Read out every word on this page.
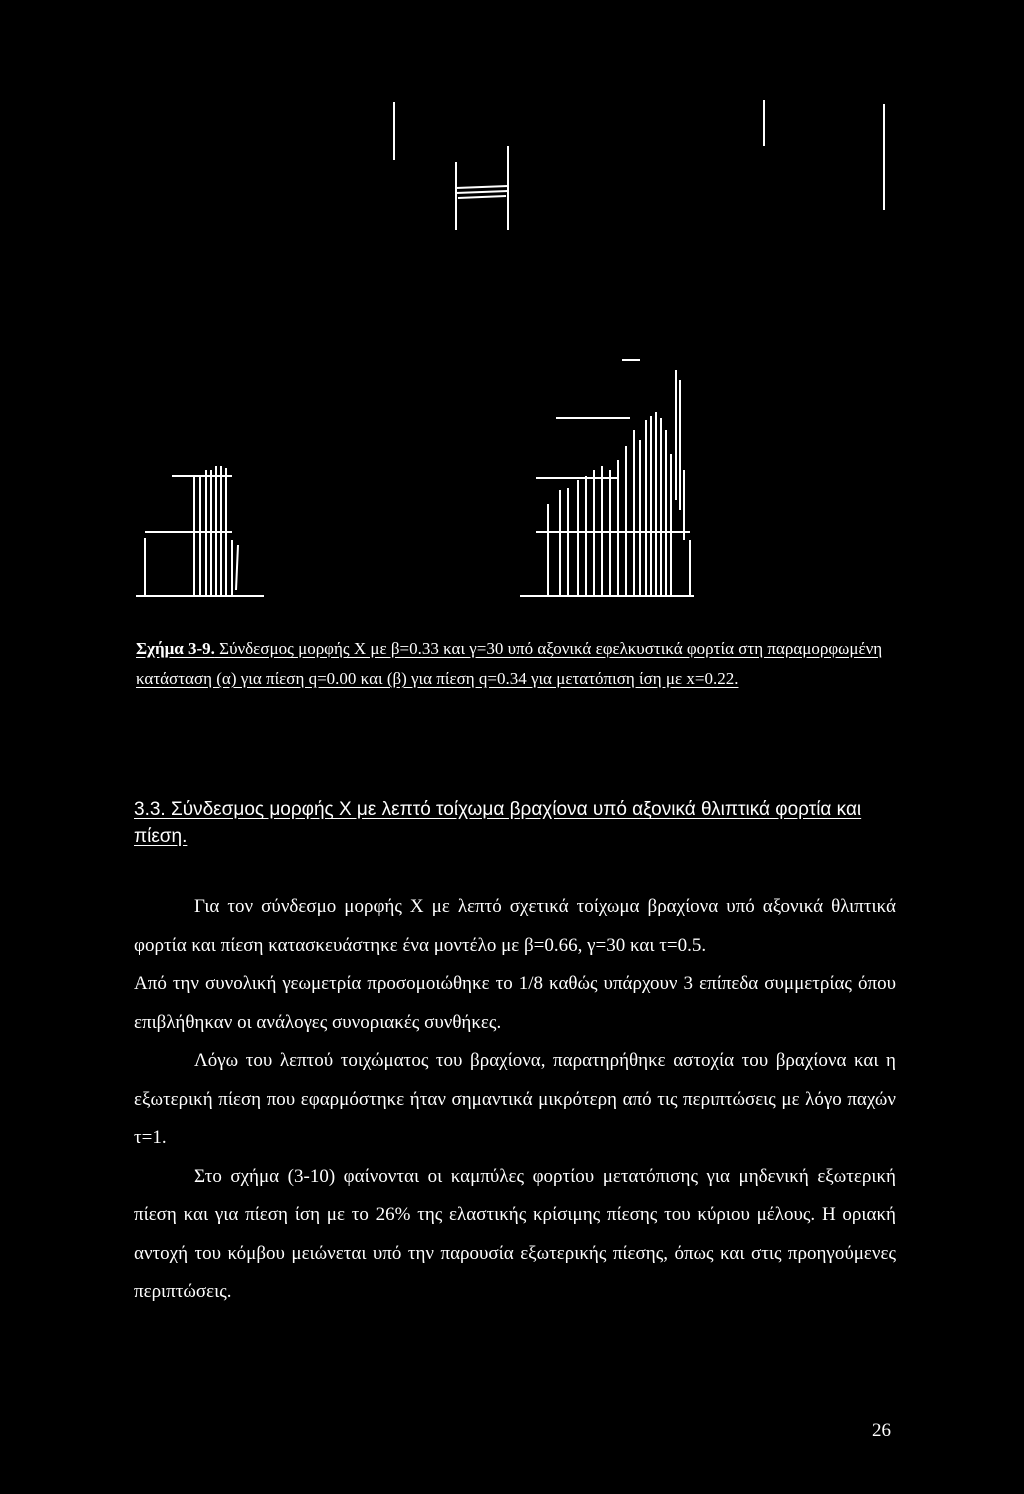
Σχήμα 3-9. Σύνδεσμος μορφής Χ με β=0.33 και γ=30 υπό αξονικά εφελκυστικά φορτία στη παραμορφωμένη κατάσταση (α) για πίεση q=0.00 και (β) για πίεση q=0.34 για μετατόπιση ίση με x=0.22.
3.3. Σύνδεσμος μορφής Χ με λεπτό τοίχωμα βραχίονα υπό αξονικά θλιπτικά φορτία και πίεση.

Για τον σύνδεσμο μορφής Χ με λεπτό σχετικά τοίχωμα βραχίονα υπό αξονικά θλιπτικά φορτία και πίεση κατασκευάστηκε ένα μοντέλο με β=0.66, γ=30 και τ=0.5.

Από την συνολική γεωμετρία προσομοιώθηκε το 1/8 καθώς υπάρχουν 3 επίπεδα συμμετρίας όπου επιβλήθηκαν οι ανάλογες συνοριακές συνθήκες.

Λόγω του λεπτού τοιχώματος του βραχίονα, παρατηρήθηκε αστοχία του βραχίονα και η εξωτερική πίεση που εφαρμόστηκε ήταν σημαντικά μικρότερη από τις περιπτώσεις με λόγο παχών τ=1.

Στο σχήμα (3-10) φαίνονται οι καμπύλες φορτίου μετατόπισης για μηδενική εξωτερική πίεση και για πίεση ίση με το 26% της ελαστικής κρίσιμης πίεσης του κύριου μέλους. Η οριακή αντοχή του κόμβου μειώνεται υπό την παρουσία εξωτερικής πίεσης, όπως και στις προηγούμενες περιπτώσεις.

26
